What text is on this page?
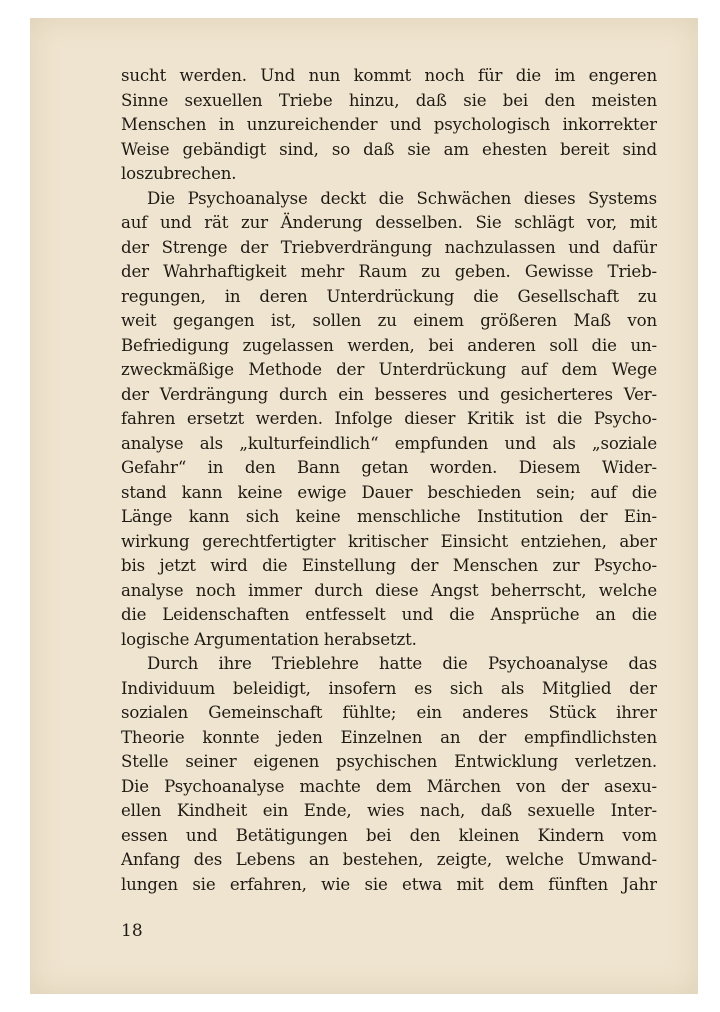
sucht werden. Und nun kommt noch für die im engeren
Sinne sexuellen Triebe hinzu, daß sie bei den meisten
Menschen in unzureichender und psychologisch inkorrekter
Weise gebändigt sind, so daß sie am ehesten bereit sind
loszubrechen.
Die Psychoanalyse deckt die Schwächen dieses Systems
auf und rät zur Änderung desselben. Sie schlägt vor, mit
der Strenge der Triebverdrängung nachzulassen und dafür
der Wahrhaftigkeit mehr Raum zu geben. Gewisse Trieb-
regungen, in deren Unterdrückung die Gesellschaft zu
weit gegangen ist, sollen zu einem größeren Maß von
Befriedigung zugelassen werden, bei anderen soll die un-
zweckmäßige Methode der Unterdrückung auf dem Wege
der Verdrängung durch ein besseres und gesicherteres Ver-
fahren ersetzt werden. Infolge dieser Kritik ist die Psycho-
analyse als „kulturfeindlich“ empfunden und als „soziale
Gefahr“ in den Bann getan worden. Diesem Wider-
stand kann keine ewige Dauer beschieden sein; auf die
Länge kann sich keine menschliche Institution der Ein-
wirkung gerechtfertigter kritischer Einsicht entziehen, aber
bis jetzt wird die Einstellung der Menschen zur Psycho-
analyse noch immer durch diese Angst beherrscht, welche
die Leidenschaften entfesselt und die Ansprüche an die
logische Argumentation herabsetzt.
Durch ihre Trieblehre hatte die Psychoanalyse das
Individuum beleidigt, insofern es sich als Mitglied der
sozialen Gemeinschaft fühlte; ein anderes Stück ihrer
Theorie konnte jeden Einzelnen an der empfindlichsten
Stelle seiner eigenen psychischen Entwicklung verletzen.
Die Psychoanalyse machte dem Märchen von der asexu-
ellen Kindheit ein Ende, wies nach, daß sexuelle Inter-
essen und Betätigungen bei den kleinen Kindern vom
Anfang des Lebens an bestehen, zeigte, welche Umwand-
lungen sie erfahren, wie sie etwa mit dem fünften Jahr
18
